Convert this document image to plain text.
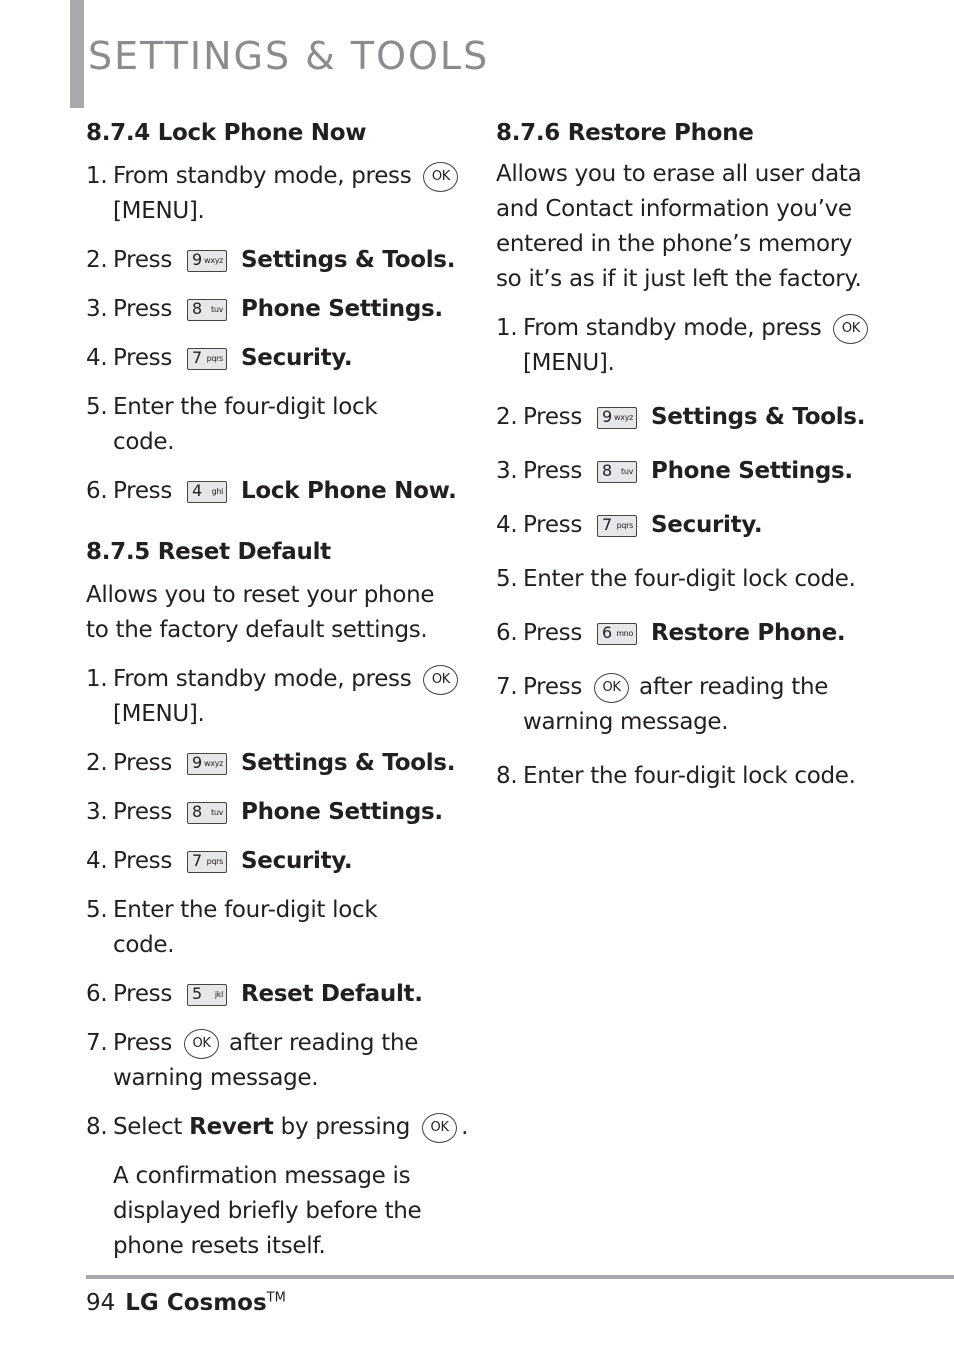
SETTINGS & TOOLS
8.7.4 Lock Phone Now
1. From standby mode, press	OK
[MENU].
2. Press 9 wxyz Settings & Tools.
3. Press 8 tuv Phone Settings.
4. Press 7 pqrs Security.
5. Enter the four-digit lock code.
6. Press 4 ghi Lock Phone Now.
8.7.5 Reset Default

Allows you to reset your phone to the factory default settings.

1. From standby mode, press	OK
[MENU].
2. Press 9 wxyz Settings & Tools.
3. Press 8 tuv Phone Settings.
4. Press 7 pqrs Security.
5. Enter the four-digit lock code.
6. Press 5 jkl Reset Default.
7. Press	OK after reading the
warning message.
8. Select
Revert
by pressing	OK .

A confirmation message is displayed briefly before the phone resets itself.

8.7.6 Restore Phone

Allows you to erase all user data and Contact information you’ve entered in the phone’s memory so it’s as if it just left the factory.

1. From standby mode, press	OK
[MENU].
2. Press 9 wxyz Settings & Tools.
3. Press 8 tuv Phone Settings.
4. Press 7 pqrs Security.
5. Enter the four-digit lock code.
6. Press 6 mno Restore Phone.
7. Press	OK after reading the
warning message.
8. Enter the four-digit lock code.
94 LG Cosmos™
